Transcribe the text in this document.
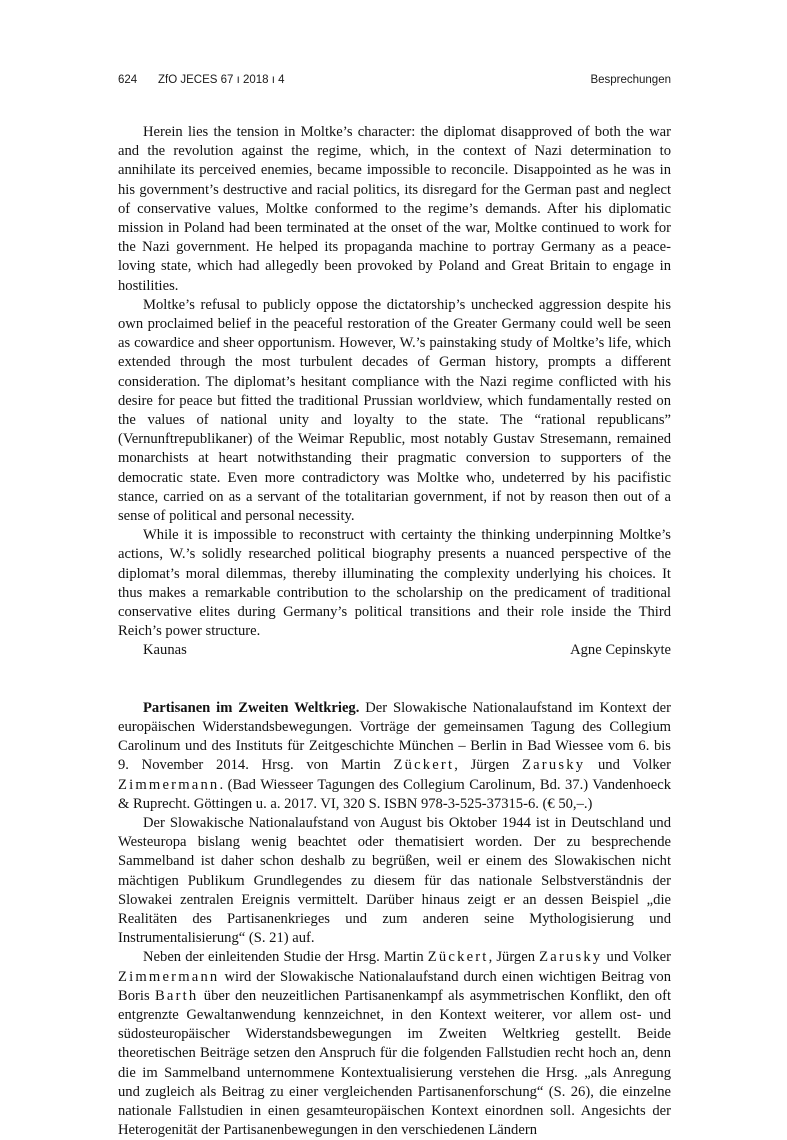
624 ZfO JECES 67 ı 2018 ı 4	Besprechungen

Herein lies the tension in Moltke’s character: the diplomat disapproved of both the war and the revolution against the regime, which, in the context of Nazi determination to annihilate its perceived enemies, became impossible to reconcile. Disappointed as he was in his government’s destructive and racial politics, its disregard for the German past and neglect of conservative values, Moltke conformed to the regime’s demands. After his diplomatic mission in Poland had been terminated at the onset of the war, Moltke continued to work for the Nazi government. He helped its propaganda machine to portray Germany as a peace-loving state, which had allegedly been provoked by Poland and Great Britain to engage in hostilities.

Moltke’s refusal to publicly oppose the dictatorship’s unchecked aggression despite his own proclaimed belief in the peaceful restoration of the Greater Germany could well be seen as cowardice and sheer opportunism. However, W.’s painstaking study of Moltke’s life, which extended through the most turbulent decades of German history, prompts a different consideration. The diplomat’s hesitant compliance with the Nazi regime conflicted with his desire for peace but fitted the traditional Prussian worldview, which fundamentally rested on the values of national unity and loyalty to the state. The “rational republicans” (Vernunftrepublikaner) of the Weimar Republic, most notably Gustav Stresemann, remained monarchists at heart notwithstanding their pragmatic conversion to supporters of the democratic state. Even more contradictory was Moltke who, undeterred by his pacifistic stance, carried on as a servant of the totalitarian government, if not by reason then out of a sense of political and personal necessity.

While it is impossible to reconstruct with certainty the thinking underpinning Moltke’s actions, W.’s solidly researched political biography presents a nuanced perspective of the diplomat’s moral dilemmas, thereby illuminating the complexity underlying his choices. It thus makes a remarkable contribution to the scholarship on the predicament of traditional conservative elites during Germany’s political transitions and their role inside the Third Reich’s power structure.

Kaunas	Agne Cepinskyte

Partisanen im Zweiten Weltkrieg. Der Slowakische Nationalaufstand im Kontext der europäischen Widerstandsbewegungen. Vorträge der gemeinsamen Tagung des Collegium Carolinum und des Instituts für Zeitgeschichte München – Berlin in Bad Wiessee vom 6. bis 9. November 2014. Hrsg. von Martin Zückert, Jürgen Zarusky und Volker Zimmermann. (Bad Wiesseer Tagungen des Collegium Carolinum, Bd. 37.) Vandenhoeck & Ruprecht. Göttingen u. a. 2017. VI, 320 S. ISBN 978-3-525-37315-6. (€ 50,–.)

Der Slowakische Nationalaufstand von August bis Oktober 1944 ist in Deutschland und Westeuropa bislang wenig beachtet oder thematisiert worden. Der zu besprechende Sammelband ist daher schon deshalb zu begrüßen, weil er einem des Slowakischen nicht mächtigen Publikum Grundlegendes zu diesem für das nationale Selbstverständnis der Slowakei zentralen Ereignis vermittelt. Darüber hinaus zeigt er an dessen Beispiel „die Realitäten des Partisanenkrieges und zum anderen seine Mythologisierung und Instrumentalisierung“ (S. 21) auf.

Neben der einleitenden Studie der Hrsg. Martin Zückert, Jürgen Zarusky und Volker Zimmermann wird der Slowakische Nationalaufstand durch einen wichtigen Beitrag von Boris Barth über den neuzeitlichen Partisanenkampf als asymmetrischen Konflikt, den oft entgrenzte Gewaltanwendung kennzeichnet, in den Kontext weiterer, vor allem ost- und südosteuropäischer Widerstandsbewegungen im Zweiten Weltkrieg gestellt. Beide theoretischen Beiträge setzen den Anspruch für die folgenden Fallstudien recht hoch an, denn die im Sammelband unternommene Kontextualisierung verstehen die Hrsg. „als Anregung und zugleich als Beitrag zu einer vergleichenden Partisanenforschung“ (S. 26), die einzelne nationale Fallstudien in einen gesamteuropäischen Kontext einordnen soll. Angesichts der Heterogenität der Partisanenbewegungen in den verschiedenen Ländern
